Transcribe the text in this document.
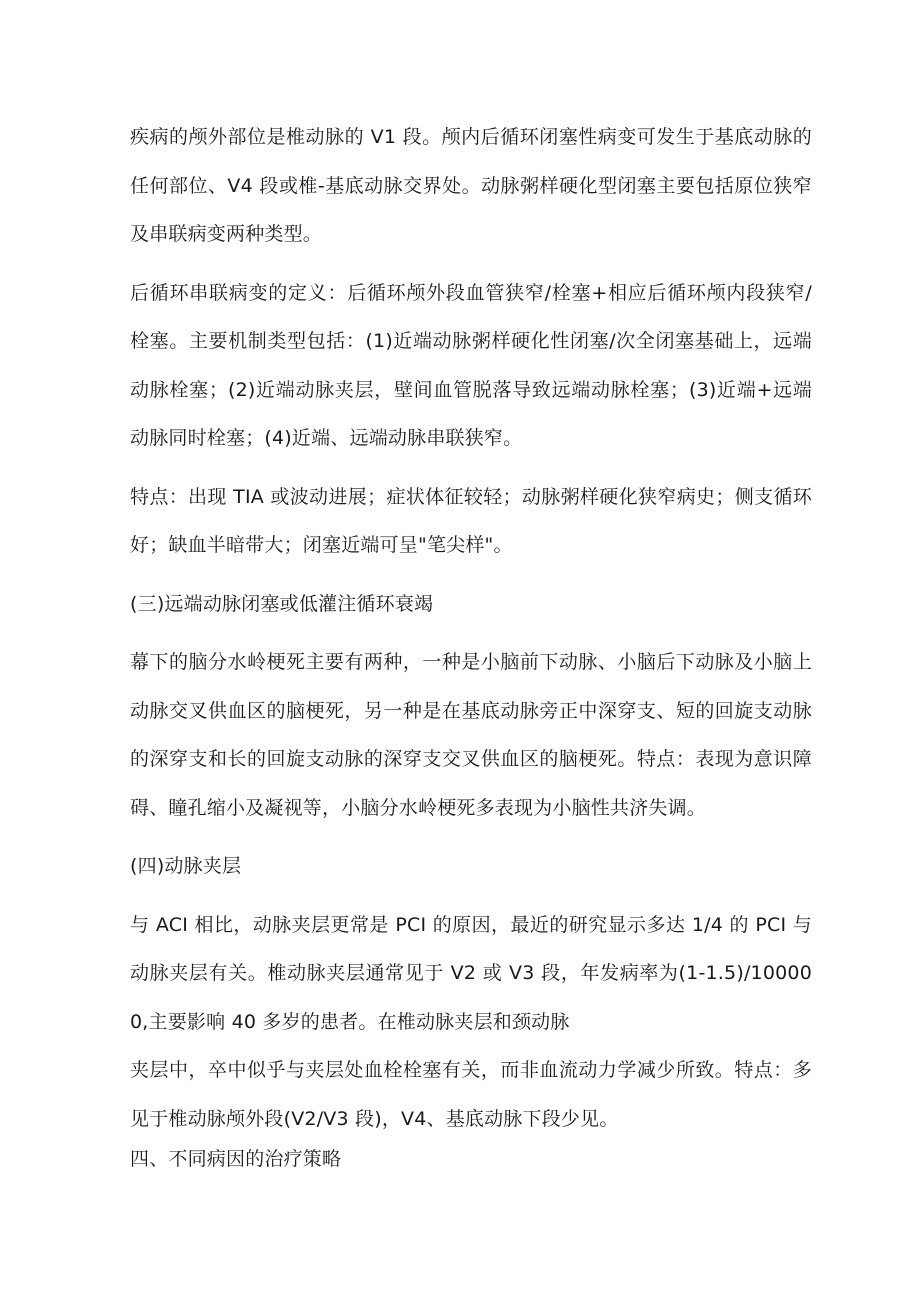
疾病的颅外部位是椎动脉的 V1 段。颅内后循环闭塞性病变可发生于基底动脉的任何部位、V4 段或椎-基底动脉交界处。动脉粥样硬化型闭塞主要包括原位狭窄及串联病变两种类型。

后循环串联病变的定义：后循环颅外段血管狭窄/栓塞+相应后循环颅内段狭窄/栓塞。主要机制类型包括：(1)近端动脉粥样硬化性闭塞/次全闭塞基础上，远端动脉栓塞；(2)近端动脉夹层，壁间血管脱落导致远端动脉栓塞；(3)近端+远端动脉同时栓塞；(4)近端、远端动脉串联狭窄。

特点：出现 TIA 或波动进展；症状体征较轻；动脉粥样硬化狭窄病史；侧支循环好；缺血半暗带大；闭塞近端可呈"笔尖样"。

(三)远端动脉闭塞或低灌注循环衰竭

幕下的脑分水岭梗死主要有两种，一种是小脑前下动脉、小脑后下动脉及小脑上动脉交叉供血区的脑梗死，另一种是在基底动脉旁正中深穿支、短的回旋支动脉的深穿支和长的回旋支动脉的深穿支交叉供血区的脑梗死。特点：表现为意识障碍、瞳孔缩小及凝视等，小脑分水岭梗死多表现为小脑性共济失调。

(四)动脉夹层

与 ACI 相比，动脉夹层更常是 PCI 的原因，最近的研究显示多达 1/4 的 PCI 与动脉夹层有关。椎动脉夹层通常见于 V2 或 V3 段，年发病率为(1-1.5)/100000,主要影响 40 多岁的患者。在椎动脉夹层和颈动脉

夹层中，卒中似乎与夹层处血栓栓塞有关，而非血流动力学减少所致。特点：多见于椎动脉颅外段(V2/V3 段)，V4、基底动脉下段少见。

四、不同病因的治疗策略
